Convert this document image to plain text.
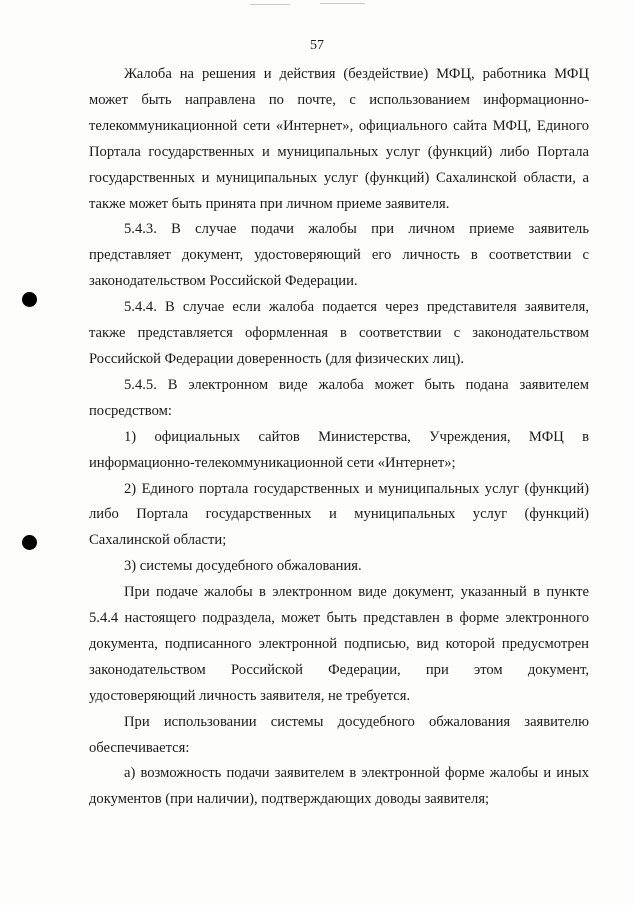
57

Жалоба на решения и действия (бездействие) МФЦ, работника МФЦ может быть направлена по почте, с использованием информационно-телекоммуникационной сети «Интернет», официального сайта МФЦ, Единого Портала государственных и муниципальных услуг (функций) либо Портала государственных и муниципальных услуг (функций) Сахалинской области, а также может быть принята при личном приеме заявителя.

5.4.3. В случае подачи жалобы при личном приеме заявитель представляет документ, удостоверяющий его личность в соответствии с законодательством Российской Федерации.

5.4.4. В случае если жалоба подается через представителя заявителя, также представляется оформленная в соответствии с законодательством Российской Федерации доверенность (для физических лиц).

5.4.5. В электронном виде жалоба может быть подана заявителем посредством:

1) официальных сайтов Министерства, Учреждения, МФЦ в информационно-телекоммуникационной сети «Интернет»;

2) Единого портала государственных и муниципальных услуг (функций) либо Портала государственных и муниципальных услуг (функций) Сахалинской области;

3) системы досудебного обжалования.

При подаче жалобы в электронном виде документ, указанный в пункте 5.4.4 настоящего подраздела, может быть представлен в форме электронного документа, подписанного электронной подписью, вид которой предусмотрен законодательством Российской Федерации, при этом документ, удостоверяющий личность заявителя, не требуется.

При использовании системы досудебного обжалования заявителю обеспечивается:

а) возможность подачи заявителем в электронной форме жалобы и иных документов (при наличии), подтверждающих доводы заявителя;
